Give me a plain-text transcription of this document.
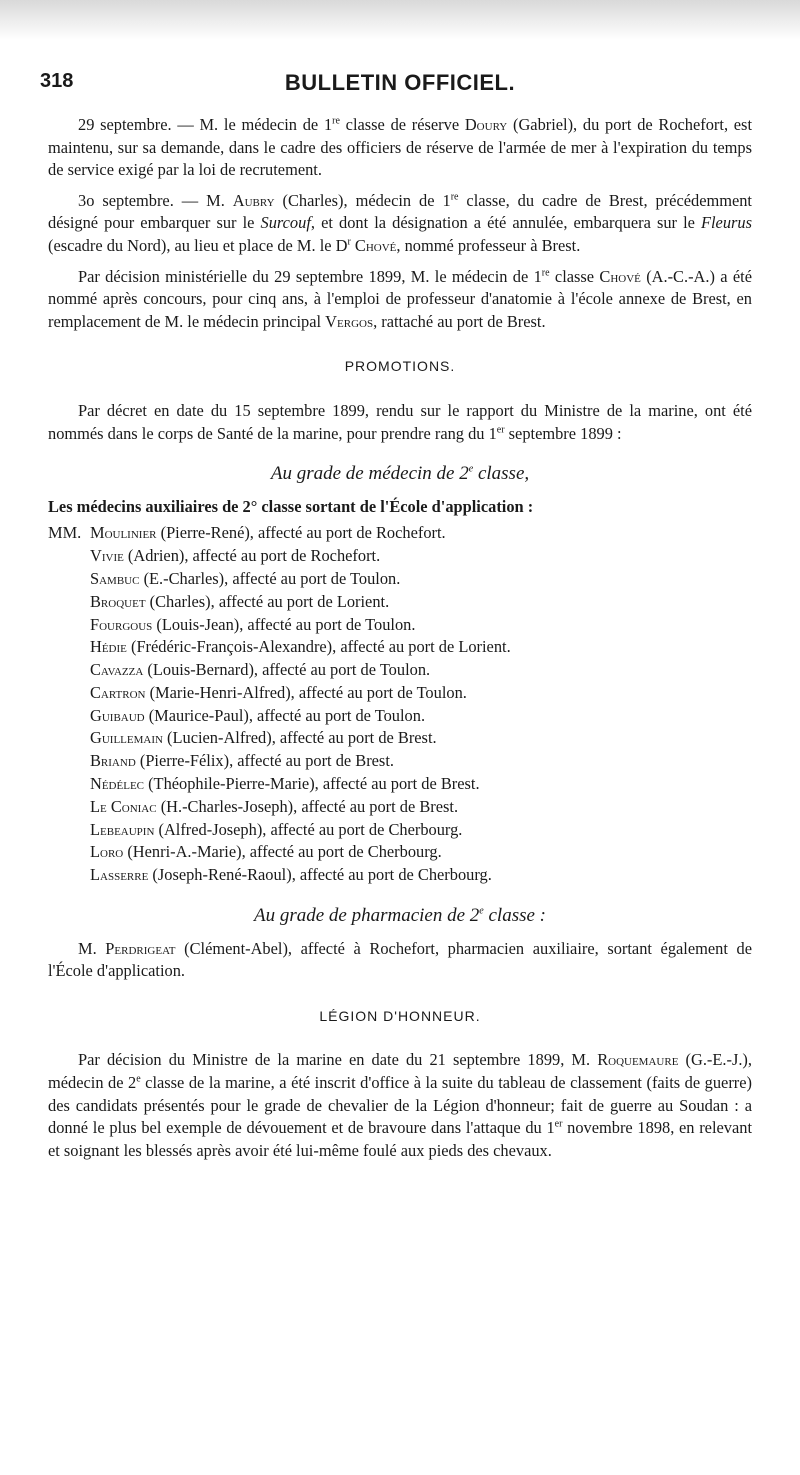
318	BULLETIN OFFICIEL.

29 septembre. — M. le médecin de 1re classe de réserve Doury (Gabriel), du port de Rochefort, est maintenu, sur sa demande, dans le cadre des officiers de réserve de l'armée de mer à l'expiration du temps de service exigé par la loi de recrutement.

3o septembre. — M. Aubry (Charles), médecin de 1re classe, du cadre de Brest, précédemment désigné pour embarquer sur le Surcouf, et dont la désignation a été annulée, embarquera sur le Fleurus (escadre du Nord), au lieu et place de M. le $D^r$ Chové, nommé professeur à Brest.

Par décision ministérielle du 29 septembre 1899, M. le médecin de 1re classe Chové (A.-C.-A.) a été nommé après concours, pour cinq ans, à l'emploi de professeur d'anatomie à l'école annexe de Brest, en remplacement de M. le médecin principal Vergos, rattaché au port de Brest.

PROMOTIONS.

Par décret en date du 15 septembre 1899, rendu sur le rapport du Ministre de la marine, ont été nommés dans le corps de Santé de la marine, pour prendre rang du 1er septembre 1899 :

Au grade de médecin de 2e classe,

Les médecins auxiliaires de 2° classe sortant de l'École d'application :

MM. Moulinier (Pierre-René), affecté au port de Rochefort.
Vivie (Adrien), affecté au port de Rochefort.
Sambuc (E.-Charles), affecté au port de Toulon.
Broquet (Charles), affecté au port de Lorient.
Fourgous (Louis-Jean), affecté au port de Toulon.
Hédie (Frédéric-François-Alexandre), affecté au port de Lorient.
Cavazza (Louis-Bernard), affecté au port de Toulon.
Cartron (Marie-Henri-Alfred), affecté au port de Toulon.
Guibaud (Maurice-Paul), affecté au port de Toulon.
Guillemain (Lucien-Alfred), affecté au port de Brest.
Briand (Pierre-Félix), affecté au port de Brest.
Nédélec (Théophile-Pierre-Marie), affecté au port de Brest.
Le Coniac (H.-Charles-Joseph), affecté au port de Brest.
Lebeaupin (Alfred-Joseph), affecté au port de Cherbourg.
Loro (Henri-A.-Marie), affecté au port de Cherbourg.
Lasserre (Joseph-René-Raoul), affecté au port de Cherbourg.
Au grade de pharmacien de 2e classe :

M. Perdrigeat (Clément-Abel), affecté à Rochefort, pharmacien auxiliaire, sortant également de l'École d'application.

LÉGION D'HONNEUR.

Par décision du Ministre de la marine en date du 21 septembre 1899, M. Roquemaure (G.-E.-J.), médecin de 2e classe de la marine, a été inscrit d'office à la suite du tableau de classement (faits de guerre) des candidats présentés pour le grade de chevalier de la Légion d'honneur; fait de guerre au Soudan : a donné le plus bel exemple de dévouement et de bravoure dans l'attaque du 1er novembre 1898, en relevant et soignant les blessés après avoir été lui-même foulé aux pieds des chevaux.
